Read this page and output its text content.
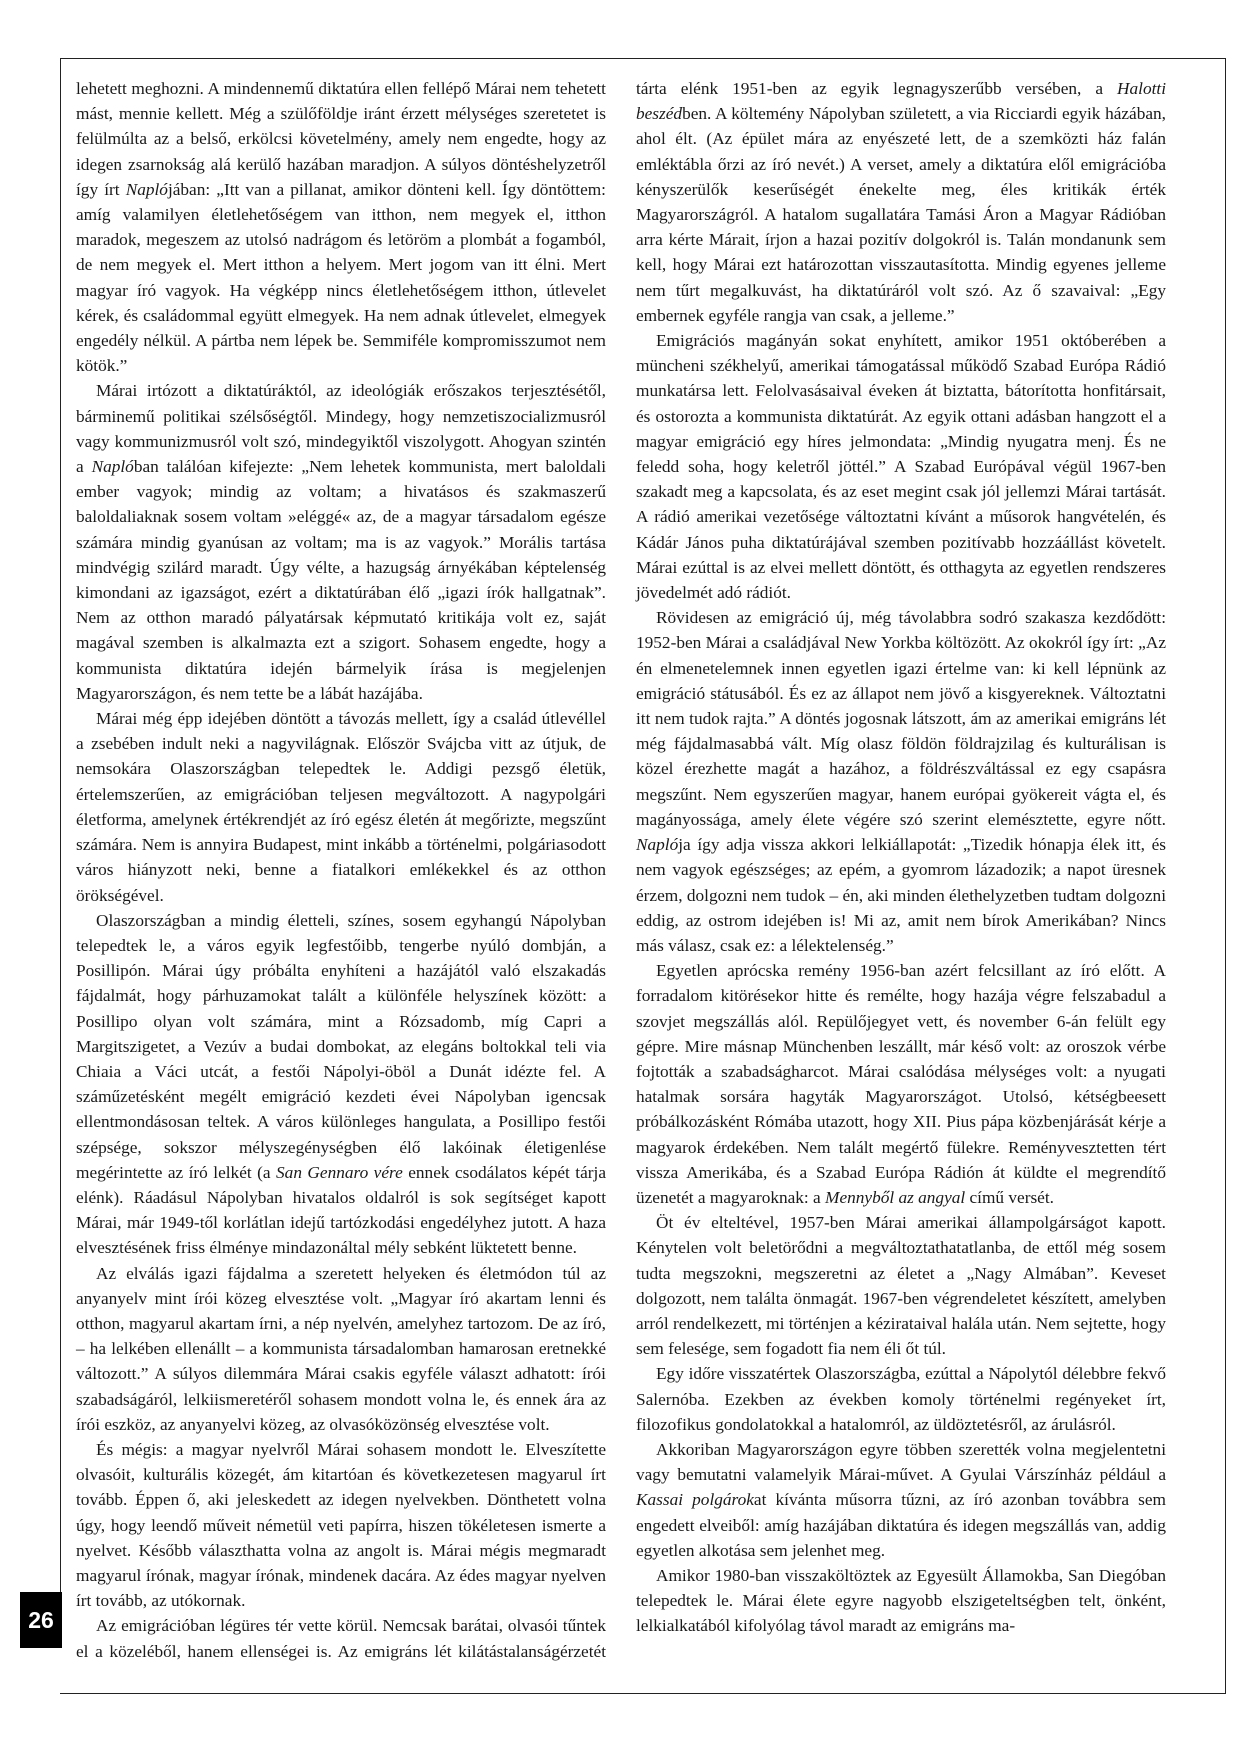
lehetett meghozni. A mindennemű diktatúra ellen fellépő Márai nem tehetett mást, mennie kellett. Még a szülőföldje iránt érzett mélységes szeretetet is felülmúlta az a belső, erkölcsi követelmény, amely nem engedte, hogy az idegen zsarnokság alá kerülő hazában maradjon. A súlyos döntéshelyzetről így írt Naplójában: „Itt van a pillanat, amikor dönteni kell. Így döntöttem: amíg valamilyen életlehetőségem van itthon, nem megyek el, itthon maradok, megeszem az utolsó nadrágom és letöröm a plombát a fogamból, de nem megyek el. Mert itthon a helyem. Mert jogom van itt élni. Mert magyar író vagyok. Ha végképp nincs életlehetőségem itthon, útlevelet kérek, és családommal együtt elmegyek. Ha nem adnak útlevelet, elmegyek engedély nélkül. A pártba nem lépek be. Semmiféle kompromisszumot nem kötök.”

Márai irtózott a diktatúráktól, az ideológiák erőszakos terjesztésétől, bárminemű politikai szélsőségtől. Mindegy, hogy nemzetiszocializmusról vagy kommunizmusról volt szó, mindegyiktől viszolygott. Ahogyan szintén a Naplóban találóan kifejezte: „Nem lehetek kommunista, mert baloldali ember vagyok; mindig az voltam; a hivatásos és szakmaszerű baloldaliaknak sosem voltam »eléggé« az, de a magyar társadalom egésze számára mindig gyanúsan az voltam; ma is az vagyok.” Morális tartása mindvégig szilárd maradt. Úgy vélte, a hazugság árnyékában képtelenség kimondani az igazságot, ezért a diktatúrában élő „igazi írók hallgatnak”. Nem az otthon maradó pályatársak képmutató kritikája volt ez, saját magával szemben is alkalmazta ezt a szigort. Sohasem engedte, hogy a kommunista diktatúra idején bármelyik írása is megjelenjen Magyarországon, és nem tette be a lábát hazájába.

Márai még épp idejében döntött a távozás mellett, így a család útlevéllel a zsebében indult neki a nagyvilágnak. Először Svájcba vitt az útjuk, de nemsokára Olaszországban telepedtek le. Addigi pezsgő életük, értelemszerűen, az emigrációban teljesen megváltozott. A nagypolgári életforma, amelynek értékrendjét az író egész életén át megőrizte, megszűnt számára. Nem is annyira Budapest, mint inkább a történelmi, polgáriasodott város hiányzott neki, benne a fiatalkori emlékekkel és az otthon örökségével.

Olaszországban a mindig életteli, színes, sosem egyhangú Nápolyban telepedtek le, a város egyik legfestőibb, tengerbe nyúló dombján, a Posillipón. Márai úgy próbálta enyhíteni a hazájától való elszakadás fájdalmát, hogy párhuzamokat talált a különféle helyszínek között: a Posillipo olyan volt számára, mint a Rózsadomb, míg Capri a Margitszigetet, a Vezúv a budai dombokat, az elegáns boltokkal teli via Chiaia a Váci utcát, a festői Nápolyi-öböl a Dunát idézte fel. A száműzetésként megélt emigráció kezdeti évei Nápolyban igencsak ellentmondásosan teltek. A város különleges hangulata, a Posillipo festői szépsége, sokszor mélyszegénységben élő lakóinak életigenlése megérintette az író lelkét (a San Gennaro vére ennek csodálatos képét tárja elénk). Ráadásul Nápolyban hivatalos oldalról is sok segítséget kapott Márai, már 1949-től korlátlan idejű tartózkodási engedélyhez jutott. A haza elvesztésének friss élménye mindazonáltal mély sebként lüktetett benne.

Az elválás igazi fájdalma a szeretett helyeken és életmódon túl az anyanyelv mint írói közeg elvesztése volt. „Magyar író akartam lenni és otthon, magyarul akartam írni, a nép nyelvén, amelyhez tartozom. De az író, – ha lelkében ellenállt – a kommunista társadalomban hamarosan eretnekké változott.” A súlyos dilemmára Márai csakis egyféle választ adhatott: írói szabadságáról, lelkiismeretéről sohasem mondott volna le, és ennek ára az írói eszköz, az anyanyelvi közeg, az olvasóközönség elvesztése volt.

És mégis: a magyar nyelvről Márai sohasem mondott le. Elveszítette olvasóit, kulturális közegét, ám kitartóan és következetesen magyarul írt tovább. Éppen ő, aki jeleskedett az idegen nyelvekben. Dönthetett volna úgy, hogy leendő műveit németül veti papírra, hiszen tökéletesen ismerte a nyelvet. Később választhatta volna az angolt is. Márai mégis megmaradt magyarul írónak, magyar írónak, mindenek dacára. Az édes magyar nyelven írt tovább, az utókornak.

Az emigrációban légüres tér vette körül. Nemcsak barátai, olvasói tűntek el a közeléből, hanem ellenségei is. Az emigráns lét kilátástalanságérzetét tárta elénk 1951-ben az egyik legnagyszerűbb versében, a Halotti beszédben. A költemény Nápolyban született, a via Ricciardi egyik házában, ahol élt. (Az épület mára az enyészeté lett, de a szemközti ház falán emléktábla őrzi az író nevét.) A verset, amely a diktatúra elől emigrációba kényszerülők keserűségét énekelte meg, éles kritikák érték Magyarországról. A hatalom sugallatára Tamási Áron a Magyar Rádióban arra kérte Márait, írjon a hazai pozitív dolgokról is. Talán mondanunk sem kell, hogy Márai ezt határozottan visszautasította. Mindig egyenes jelleme nem tűrt megalkuvást, ha diktatúráról volt szó. Az ő szavaival: „Egy embernek egyféle rangja van csak, a jelleme.”

Emigrációs magányán sokat enyhített, amikor 1951 októberében a müncheni székhelyű, amerikai támogatással működő Szabad Európa Rádió munkatársa lett. Felolvasásaival éveken át biztatta, bátorította honfitársait, és ostorozta a kommunista diktatúrát. Az egyik ottani adásban hangzott el a magyar emigráció egy híres jelmondata: „Mindig nyugatra menj. És ne feledd soha, hogy keletről jöttél.” A Szabad Európával végül 1967-ben szakadt meg a kapcsolata, és az eset megint csak jól jellemzi Márai tartását. A rádió amerikai vezetősége változtatni kívánt a műsorok hangvételén, és Kádár János puha diktatúrájával szemben pozitívabb hozzáállást követelt. Márai ezúttal is az elvei mellett döntött, és otthagyta az egyetlen rendszeres jövedelmét adó rádiót.

Rövidesen az emigráció új, még távolabbra sodró szakasza kezdődött: 1952-ben Márai a családjával New Yorkba költözött. Az okokról így írt: „Az én elmenetelemnek innen egyetlen igazi értelme van: ki kell lépnünk az emigráció státusából. És ez az állapot nem jövő a kisgyereknek. Változtatni itt nem tudok rajta.” A döntés jogosnak látszott, ám az amerikai emigráns lét még fájdalmasabbá vált. Míg olasz földön földrajzilag és kulturálisan is közel érezhette magát a hazához, a földrészváltással ez egy csapásra megszűnt. Nem egyszerűen magyar, hanem európai gyökereit vágta el, és magányossága, amely élete végére szó szerint elemésztette, egyre nőtt. Naplója így adja vissza akkori lelkiállapotát: „Tizedik hónapja élek itt, és nem vagyok egészséges; az epém, a gyomrom lázadozik; a napot üresnek érzem, dolgozni nem tudok – én, aki minden élethelyzetben tudtam dolgozni eddig, az ostrom idejében is! Mi az, amit nem bírok Amerikában? Nincs más válasz, csak ez: a lélektelenség.”

Egyetlen aprócska remény 1956-ban azért felcsillant az író előtt. A forradalom kitörésekor hitte és remélte, hogy hazája végre felszabadul a szovjet megszállás alól. Repülőjegyet vett, és november 6-án felült egy gépre. Mire másnap Münchenben leszállt, már késő volt: az oroszok vérbe fojtották a szabadságharcot. Márai csalódása mélységes volt: a nyugati hatalmak sorsára hagyták Magyarországot. Utolsó, kétségbeesett próbálkozásként Rómába utazott, hogy XII. Pius pápa közbenjárását kérje a magyarok érdekében. Nem talált megértő fülekre. Reményvesztetten tért vissza Amerikába, és a Szabad Európa Rádión át küldte el megrendítő üzenetét a magyaroknak: a Mennyből az angyal című versét.

Öt év elteltével, 1957-ben Márai amerikai állampolgárságot kapott. Kénytelen volt beletörődni a megváltoztathatatlanba, de ettől még sosem tudta megszokni, megszeretni az életet a „Nagy Almában”. Keveset dolgozott, nem találta önmagát. 1967-ben végrendeletet készített, amelyben arról rendelkezett, mi történjen a kézirataival halála után. Nem sejtette, hogy sem felesége, sem fogadott fia nem éli őt túl.

Egy időre visszatértek Olaszországba, ezúttal a Nápolytól délebbre fekvő Salernóba. Ezekben az években komoly történelmi regényeket írt, filozofikus gondolatokkal a hatalomról, az üldöztetésről, az árulásról.

Akkoriban Magyarországon egyre többen szerették volna megjelentetni vagy bemutatni valamelyik Márai-művet. A Gyulai Várszínház például a Kassai polgárokat kívánta műsorra tűzni, az író azonban továbbra sem engedett elveiből: amíg hazájában diktatúra és idegen megszállás van, addig egyetlen alkotása sem jelenhet meg.

Amikor 1980-ban visszaköltöztek az Egyesült Államokba, San Diegóban telepedtek le. Márai élete egyre nagyobb elszigeteltségben telt, önként, lelkialkatából kifolyólag távol maradt az emigráns ma-

26
